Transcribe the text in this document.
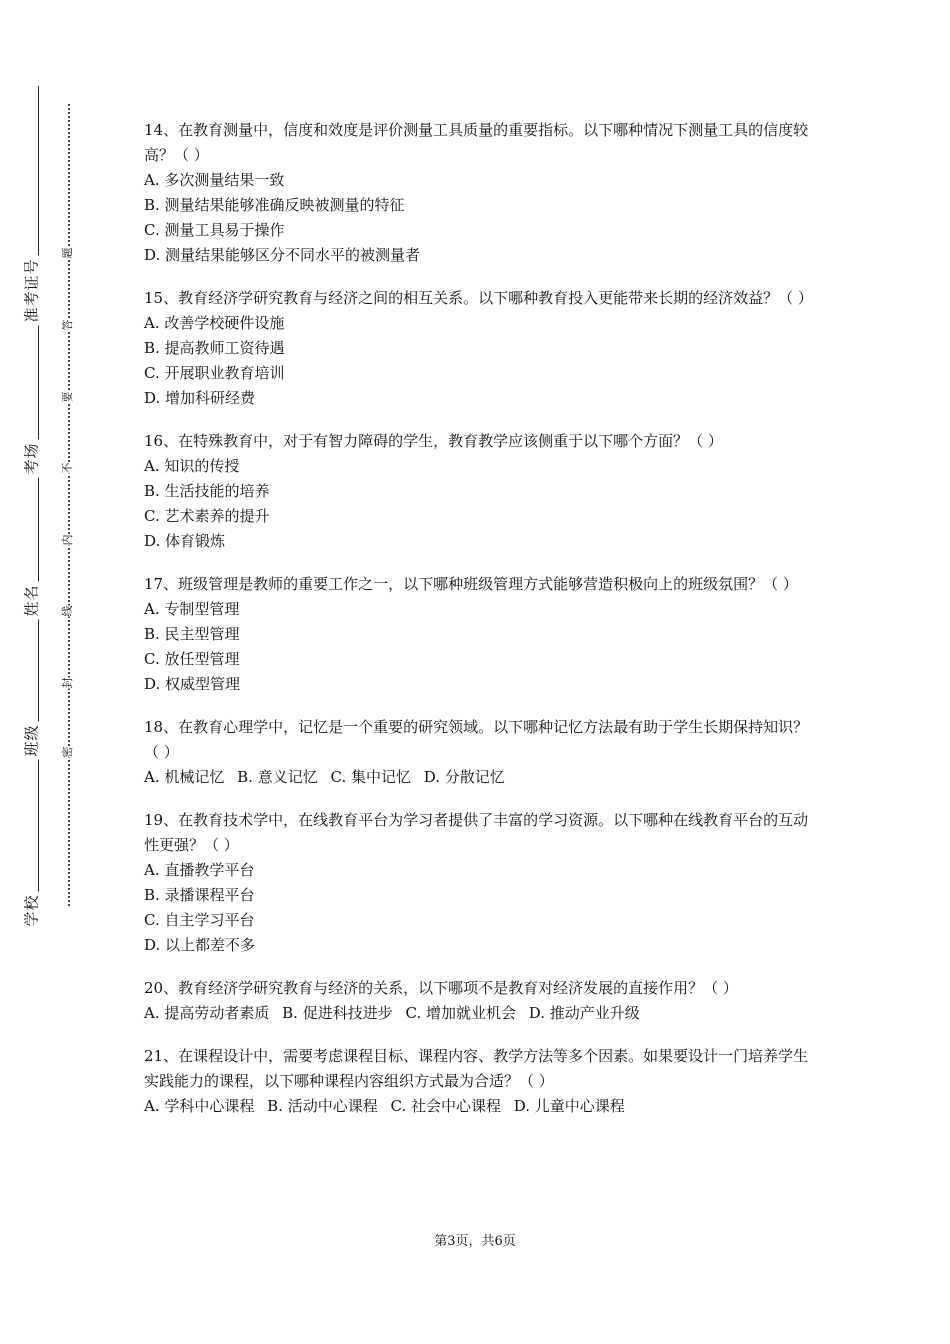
学校
班级
姓名
考场
准考证号
密
封
线
内
不
要
答
题

14、在教育测量中，信度和效度是评价测量工具质量的重要指标。以下哪种情况下测量工具的信度较高？（ ）

A. 多次测量结果一致

B. 测量结果能够准确反映被测量的特征

C. 测量工具易于操作

D. 测量结果能够区分不同水平的被测量者

15、教育经济学研究教育与经济之间的相互关系。以下哪种教育投入更能带来长期的经济效益？（ ）

A. 改善学校硬件设施

B. 提高教师工资待遇

C. 开展职业教育培训

D. 增加科研经费

16、在特殊教育中，对于有智力障碍的学生，教育教学应该侧重于以下哪个方面？（ ）

A. 知识的传授

B. 生活技能的培养

C. 艺术素养的提升

D. 体育锻炼

17、班级管理是教师的重要工作之一，以下哪种班级管理方式能够营造积极向上的班级氛围？（ ）

A. 专制型管理

B. 民主型管理

C. 放任型管理

D. 权威型管理

18、在教育心理学中，记忆是一个重要的研究领域。以下哪种记忆方法最有助于学生长期保持知识？（ ）

A. 机械记忆 B. 意义记忆 C. 集中记忆 D. 分散记忆

19、在教育技术学中，在线教育平台为学习者提供了丰富的学习资源。以下哪种在线教育平台的互动性更强？（ ）

A. 直播教学平台

B. 录播课程平台

C. 自主学习平台

D. 以上都差不多

20、教育经济学研究教育与经济的关系，以下哪项不是教育对经济发展的直接作用？（ ）

A. 提高劳动者素质 B. 促进科技进步 C. 增加就业机会 D. 推动产业升级

21、在课程设计中，需要考虑课程目标、课程内容、教学方法等多个因素。如果要设计一门培养学生实践能力的课程，以下哪种课程内容组织方式最为合适？（ ）

A. 学科中心课程 B. 活动中心课程 C. 社会中心课程 D. 儿童中心课程

第3页，共6页
